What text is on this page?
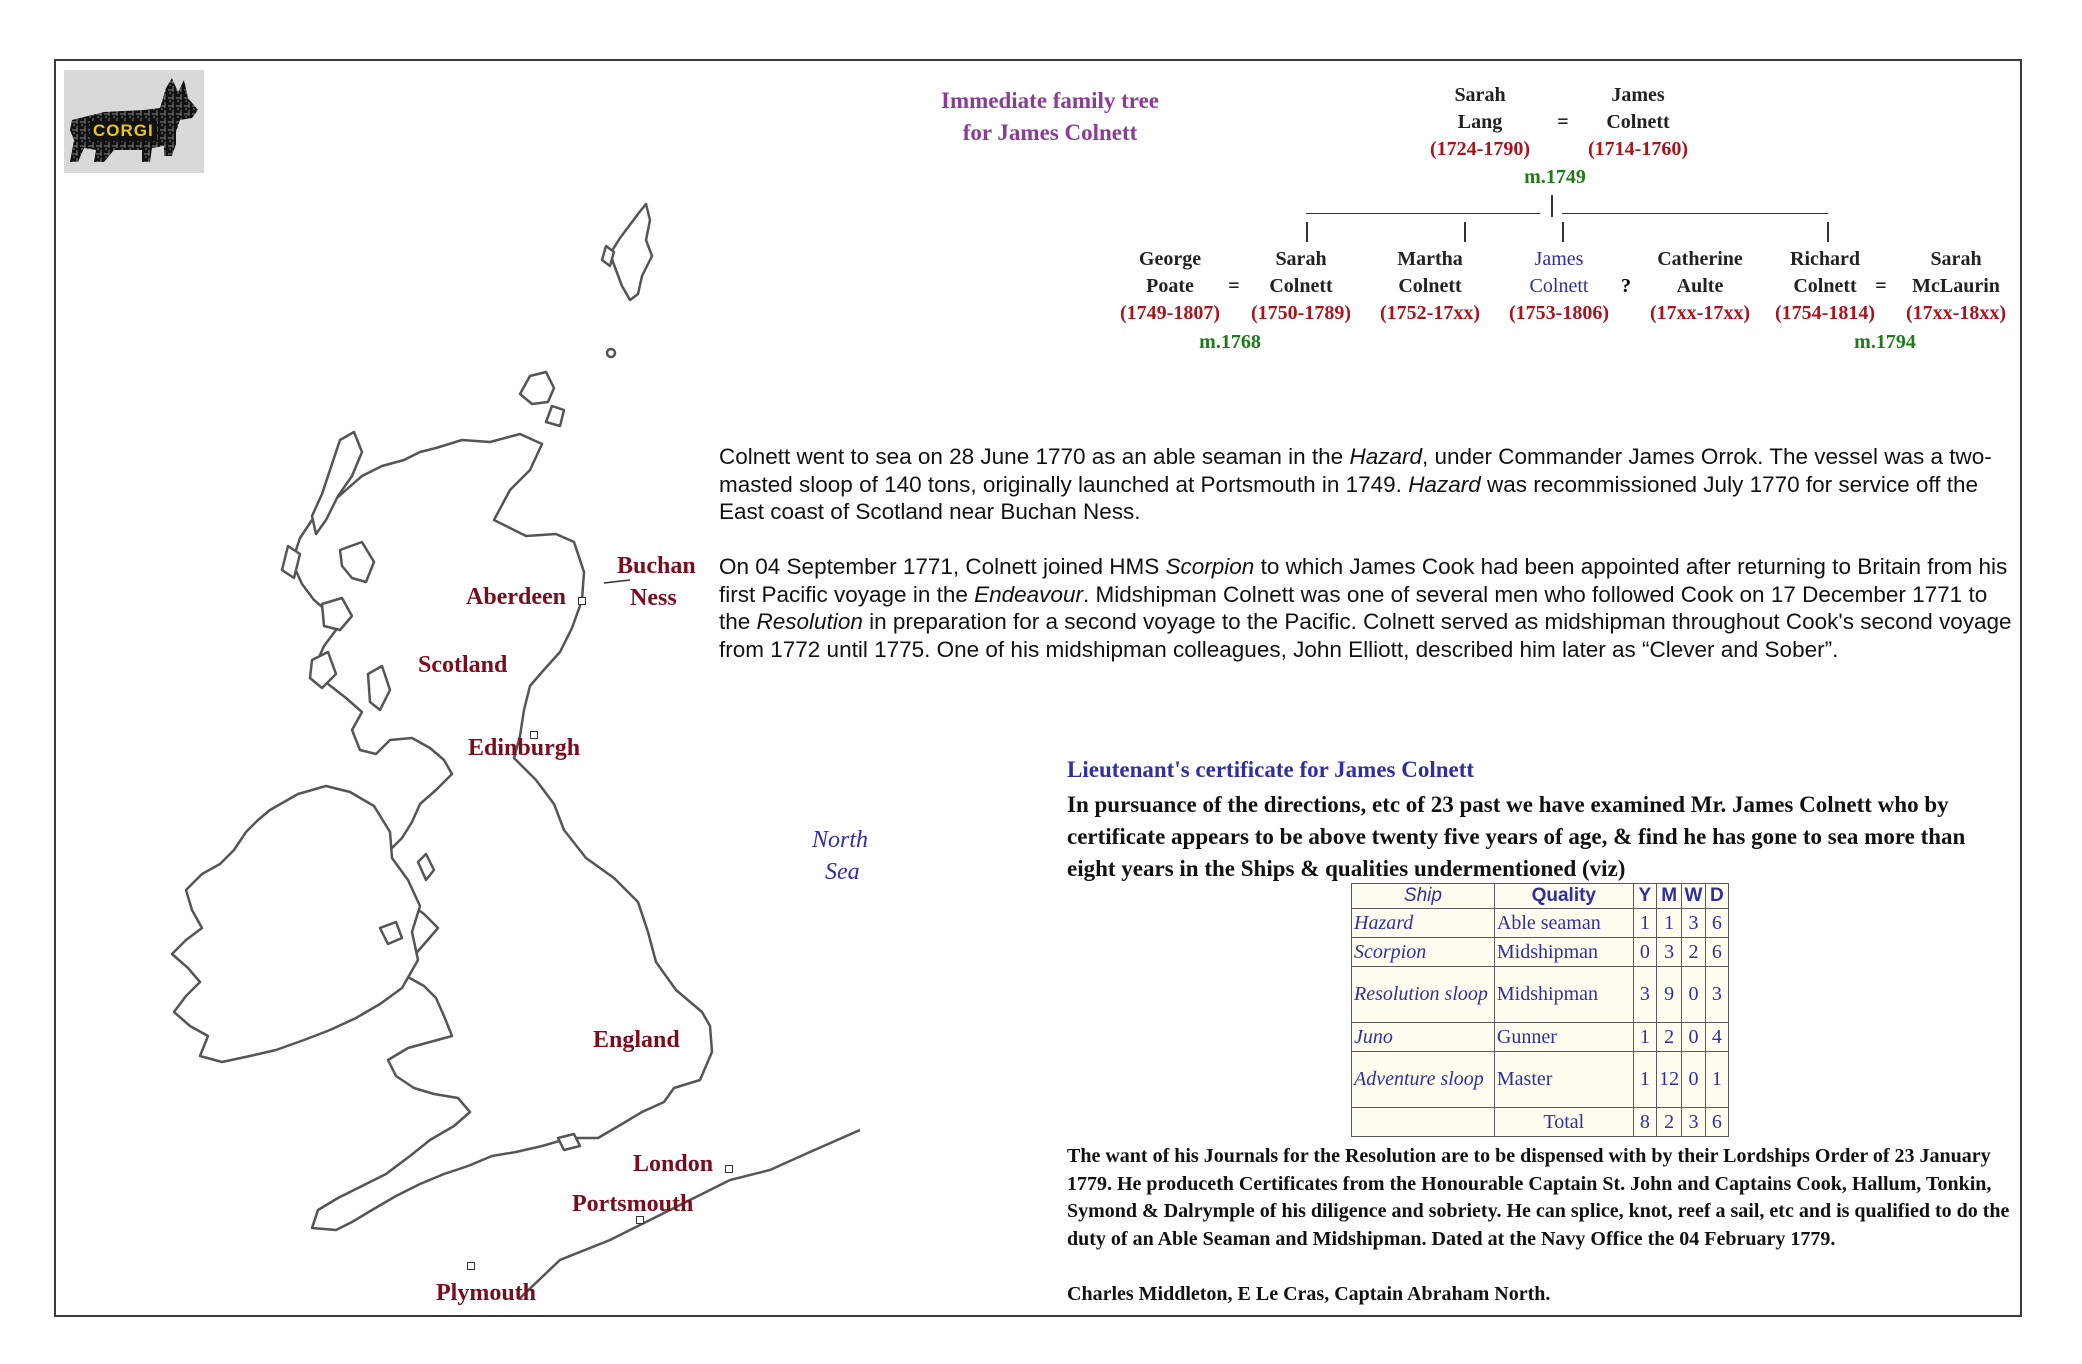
CORGI
Buchan
Ness
Aberdeen
Scotland
Edinburgh
North
Sea
England
London
Portsmouth
Plymouth
Immediate family tree
for James Colnett
Sarah
Lang
(1724-1790)
=
James
Colnett
(1714-1760)
m.1749
George
Poate
(1749-1807)
=
Sarah
Colnett
(1750-1789)
Martha
Colnett
(1752-17xx)
James
Colnett
(1753-1806)
?
Catherine
Aulte
(17xx-17xx)
Richard
Colnett
(1754-1814)
=
Sarah
McLaurin
(17xx-18xx)
m.1768	m.1794
Colnett went to sea on 28 June 1770 as an able seaman in the Hazard, under Commander James Orrok. The vessel was a two-masted sloop of 140 tons, originally launched at Portsmouth in 1749. Hazard was recommissioned July 1770 for service off the East coast of Scotland near Buchan Ness.
On 04 September 1771, Colnett joined HMS Scorpion to which James Cook had been appointed after returning to Britain from his first Pacific voyage in the Endeavour. Midshipman Colnett was one of several men who followed Cook on 17 December 1771 to the Resolution in preparation for a second voyage to the Pacific. Colnett served as midshipman throughout Cook's second voyage from 1772 until 1775. One of his midshipman colleagues, John Elliott, described him later as “Clever and Sober”.
Lieutenant's certificate for James Colnett
In pursuance of the directions, etc of 23 past we have examined Mr. James Colnett who by certificate appears to be above twenty five years of age, & find he has gone to sea more than eight years in the Ships & qualities undermentioned (viz)
Ship	Quality	Y	M	W	D
Hazard	Able seaman	1	1	3	6
Scorpion	Midshipman	0	3	2	6
Resolution sloop	Midshipman	3	9	0	3
Juno	Gunner	1	2	0	4
Adventure sloop	Master	1	12	0	1
	Total	8	2	3	6
The want of his Journals for the Resolution are to be dispensed with by their Lordships Order of 23 January 1779. He produceth Certificates from the Honourable Captain St. John and Captains Cook, Hallum, Tonkin, Symond & Dalrymple of his diligence and sobriety. He can splice, knot, reef a sail, etc and is qualified to do the duty of an Able Seaman and Midshipman. Dated at the Navy Office the 04 February 1779.
Charles Middleton, E Le Cras, Captain Abraham North.
